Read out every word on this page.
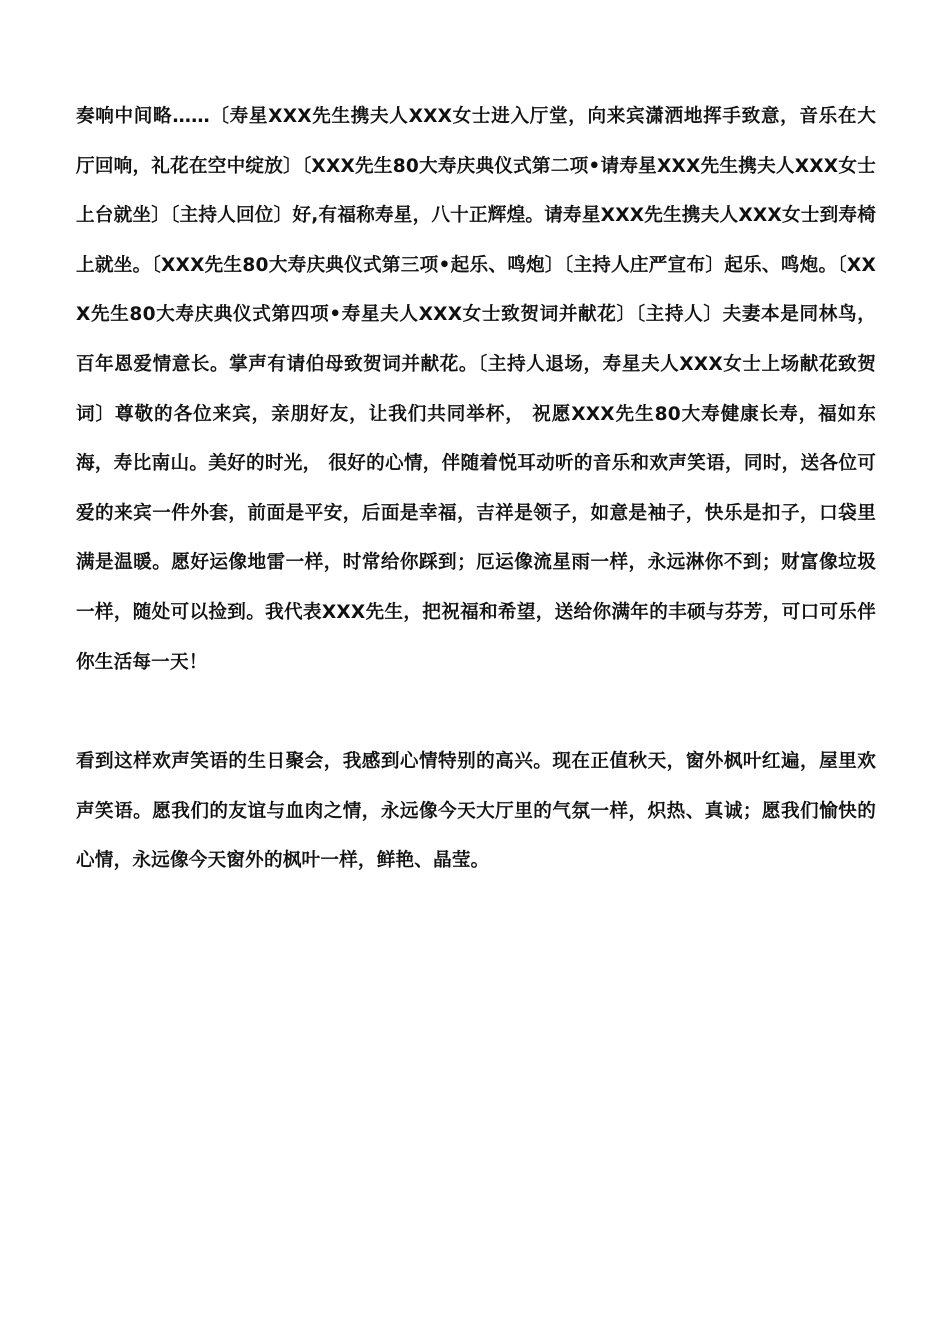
奏响中间略……〔寿星XXX先生携夫人XXX女士进入厅堂，向来宾潇洒地挥手致意，音乐在大厅回响，礼花在空中绽放〕〔XXX先生80大寿庆典仪式第二项•请寿星XXX先生携夫人XXX女士上台就坐〕〔主持人回位〕好,有福称寿星，八十正辉煌。请寿星XXX先生携夫人XXX女士到寿椅上就坐。〔XXX先生80大寿庆典仪式第三项•起乐、鸣炮〕〔主持人庄严宣布〕起乐、鸣炮。〔XXX先生80大寿庆典仪式第四项•寿星夫人XXX女士致贺词并献花〕〔主持人〕夫妻本是同林鸟，百年恩爱情意长。掌声有请伯母致贺词并献花。〔主持人退场，寿星夫人XXX女士上场献花致贺词〕尊敬的各位来宾，亲朋好友，让我们共同举杯， 祝愿XXX先生80大寿健康长寿，福如东海，寿比南山。美好的时光， 很好的心情，伴随着悦耳动听的音乐和欢声笑语，同时，送各位可爱的来宾一件外套，前面是平安，后面是幸福，吉祥是领子，如意是袖子，快乐是扣子，口袋里满是温暖。愿好运像地雷一样，时常给你踩到；厄运像流星雨一样，永远淋你不到；财富像垃圾一样，随处可以捡到。我代表XXX先生，把祝福和希望，送给你满年的丰硕与芬芳，可口可乐伴你生活每一天！

看到这样欢声笑语的生日聚会，我感到心情特别的高兴。现在正值秋天，窗外枫叶红遍，屋里欢声笑语。愿我们的友谊与血肉之情，永远像今天大厅里的气氛一样，炽热、真诚；愿我们愉快的心情，永远像今天窗外的枫叶一样，鲜艳、晶莹。
